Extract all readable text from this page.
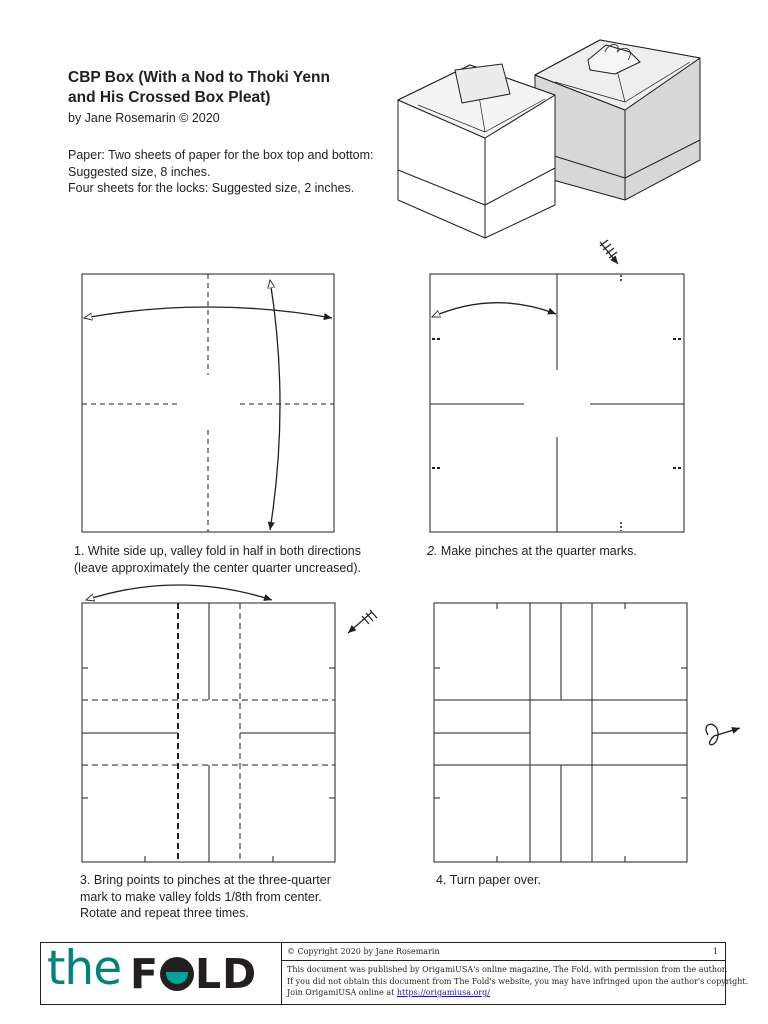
CBP Box (With a Nod to Thoki Yenn
and His Crossed Box Pleat)
by Jane Rosemarin © 2020
Paper: Two sheets of paper for the box top and bottom:
Suggested size, 8 inches.
Four sheets for the locks: Suggested size, 2 inches.
1. White side up, valley fold in half in both directions
(leave approximately the center quarter uncreased).
2. Make pinches at the quarter marks.
3. Bring points to pinches at the three-quarter
mark to make valley folds 1/8th from center.
Rotate and repeat three times.
4. Turn paper over.
the F LD	© Copyright 2020 by Jane Rosemarin	1
This document was published by OrigamiUSA's online magazine, The Fold, with permission from the author.
If you did not obtain this document from The Fold's website, you may have infringed upon the author's copyright.
Join OrigamiUSA online at https://origamiusa.org/
